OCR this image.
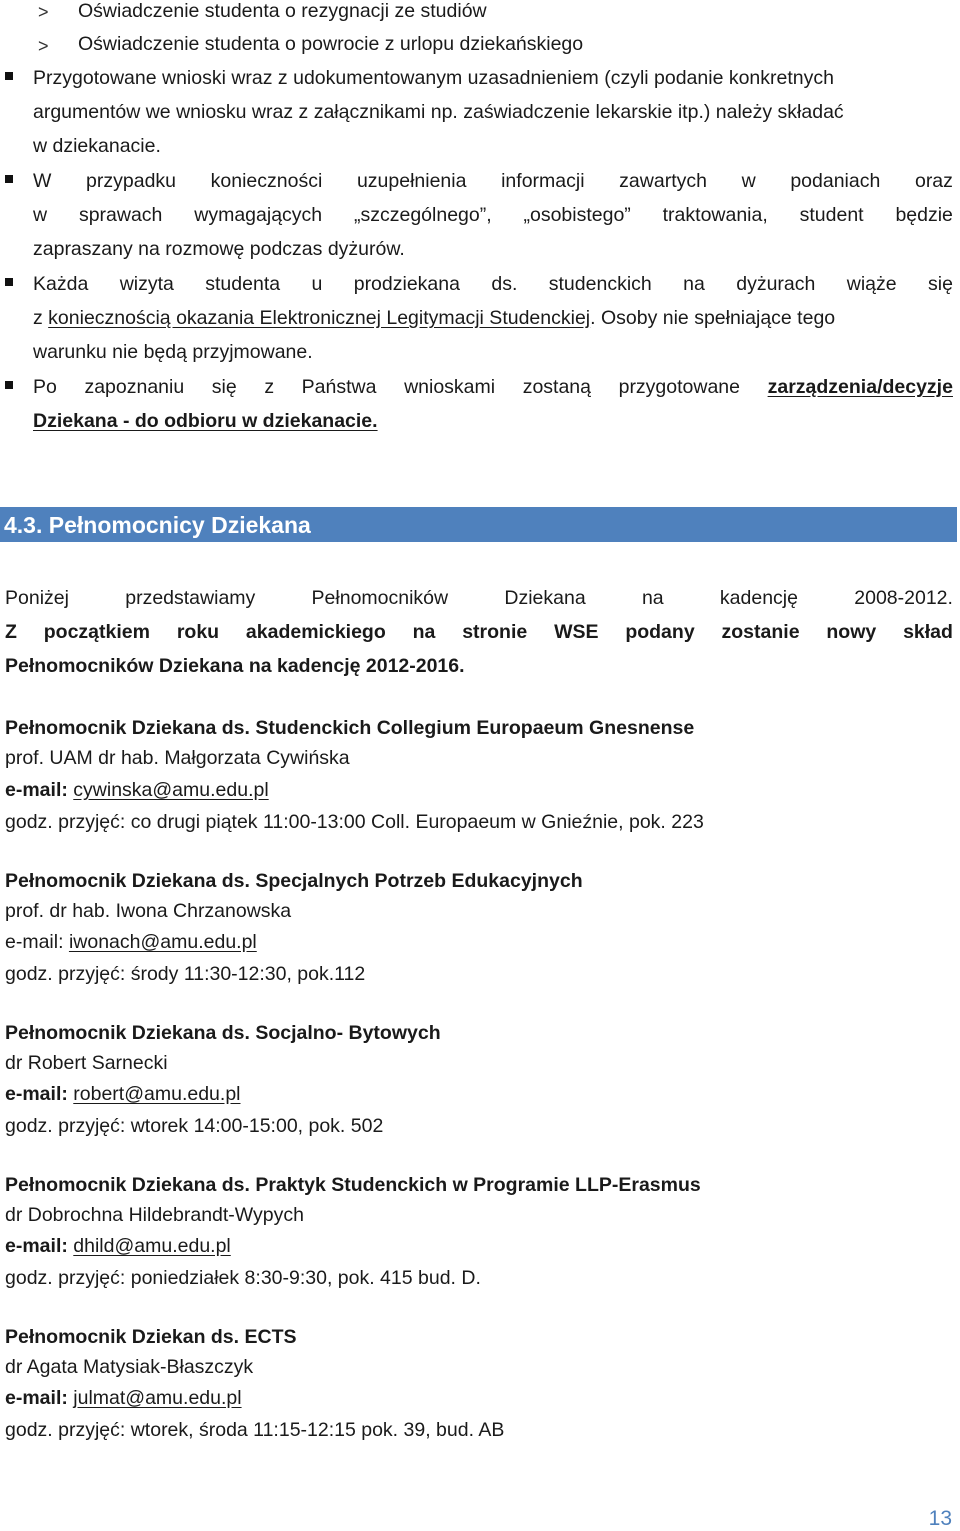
> Oświadczenie studenta o rezygnacji ze studiów
> Oświadczenie studenta o powrocie z urlopu dziekańskiego
Przygotowane wnioski wraz z udokumentowanym uzasadnieniem (czyli podanie konkretnych
argumentów we wniosku wraz z załącznikami np. zaświadczenie lekarskie itp.) należy składać
w dziekanacie.
W przypadku konieczności uzupełnienia informacji zawartych w podaniach oraz
w sprawach wymagających „szczególnego”, „osobistego” traktowania, student będzie
zapraszany na rozmowę podczas dyżurów.
Każda wizyta studenta u prodziekana ds. studenckich na dyżurach wiąże się
z koniecznością okazania Elektronicznej Legitymacji Studenckiej. Osoby nie spełniające tego
warunku nie będą przyjmowane.
Po zapoznaniu się z Państwa wnioskami zostaną przygotowane zarządzenia/decyzje
Dziekana - do odbioru w dziekanacie.
4.3. Pełnomocnicy Dziekana
Poniżej	przedstawiamy	Pełnomocników	Dziekana	na	kadencję	2008-2012.
Z początkiem roku akademickiego na stronie WSE podany zostanie nowy skład
Pełnomocników Dziekana na kadencję 2012-2016.
Pełnomocnik Dziekana ds. Studenckich Collegium Europaeum Gnesnense
prof. UAM dr hab. Małgorzata Cywińska
e-mail: cywinska@amu.edu.pl
godz. przyjęć: co drugi piątek 11:00-13:00 Coll. Europaeum w Gnieźnie, pok. 223
Pełnomocnik Dziekana ds. Specjalnych Potrzeb Edukacyjnych
prof. dr hab. Iwona Chrzanowska
e-mail: iwonach@amu.edu.pl
godz. przyjęć: środy 11:30-12:30, pok.112
Pełnomocnik Dziekana ds. Socjalno- Bytowych
dr Robert Sarnecki
e-mail: robert@amu.edu.pl
godz. przyjęć: wtorek 14:00-15:00, pok. 502
Pełnomocnik Dziekana ds. Praktyk Studenckich w Programie LLP-Erasmus
dr Dobrochna Hildebrandt-Wypych
e-mail: dhild@amu.edu.pl
godz. przyjęć: poniedziałek 8:30-9:30, pok. 415 bud. D.
Pełnomocnik Dziekan ds. ECTS
dr Agata Matysiak-Błaszczyk
e-mail: julmat@amu.edu.pl
godz. przyjęć: wtorek, środa 11:15-12:15 pok. 39, bud. AB
13
